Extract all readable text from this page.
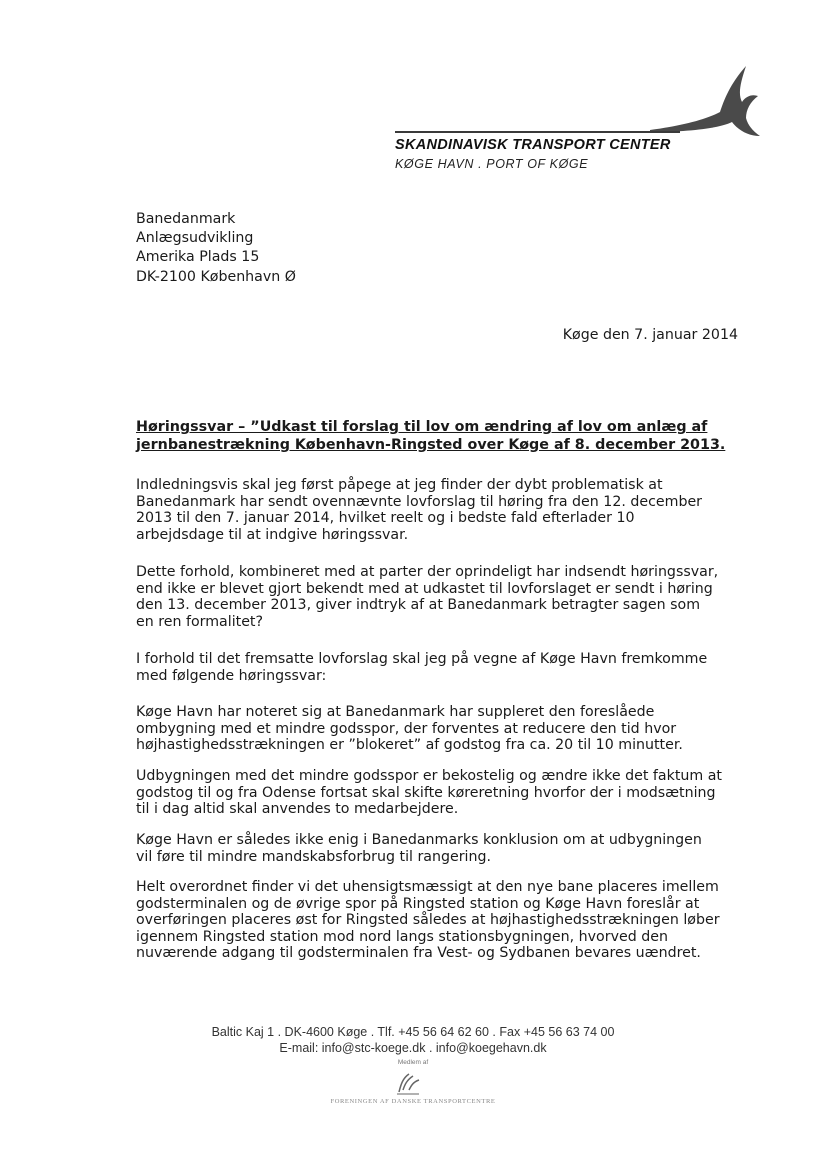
SKANDINAVISK TRANSPORT CENTER
KØGE HAVN . PORT OF KØGE
Banedanmark
Anlægsudvikling
Amerika Plads 15
DK-2100 København Ø
Køge den 7. januar 2014
Høringssvar – ”Udkast til forslag til lov om ændring af lov om anlæg af
jernbanestrækning København-Ringsted over Køge af 8. december 2013.
Indledningsvis skal jeg først påpege at jeg finder der dybt problematisk at
Banedanmark har sendt ovennævnte lovforslag til høring fra den 12. december
2013 til den 7. januar 2014, hvilket reelt og i bedste fald efterlader 10
arbejdsdage til at indgive høringssvar.
Dette forhold, kombineret med at parter der oprindeligt har indsendt høringssvar,
end ikke er blevet gjort bekendt med at udkastet til lovforslaget er sendt i høring
den 13. december 2013, giver indtryk af at Banedanmark betragter sagen som
en ren formalitet?
I forhold til det fremsatte lovforslag skal jeg på vegne af Køge Havn fremkomme
med følgende høringssvar:
Køge Havn har noteret sig at Banedanmark har suppleret den foreslåede
ombygning med et mindre godsspor, der forventes at reducere den tid hvor
højhastighedsstrækningen er ”blokeret” af godstog fra ca. 20 til 10 minutter.
Udbygningen med det mindre godsspor er bekostelig og ændre ikke det faktum at
godstog til og fra Odense fortsat skal skifte køreretning hvorfor der i modsætning
til i dag altid skal anvendes to medarbejdere.
Køge Havn er således ikke enig i Banedanmarks konklusion om at udbygningen
vil føre til mindre mandskabsforbrug til rangering.
Helt overordnet finder vi det uhensigtsmæssigt at den nye bane placeres imellem
godsterminalen og de øvrige spor på Ringsted station og Køge Havn foreslår at
overføringen placeres øst for Ringsted således at højhastighedsstrækningen løber
igennem Ringsted station mod nord langs stationsbygningen, hvorved den
nuværende adgang til godsterminalen fra Vest- og Sydbanen bevares uændret.
Baltic Kaj 1 . DK-4600 Køge . Tlf. +45 56 64 62 60 . Fax +45 56 63 74 00
E-mail: info@stc-koege.dk . info@koegehavn.dk
Medlem af
FORENINGEN AF DANSKE TRANSPORTCENTRE
